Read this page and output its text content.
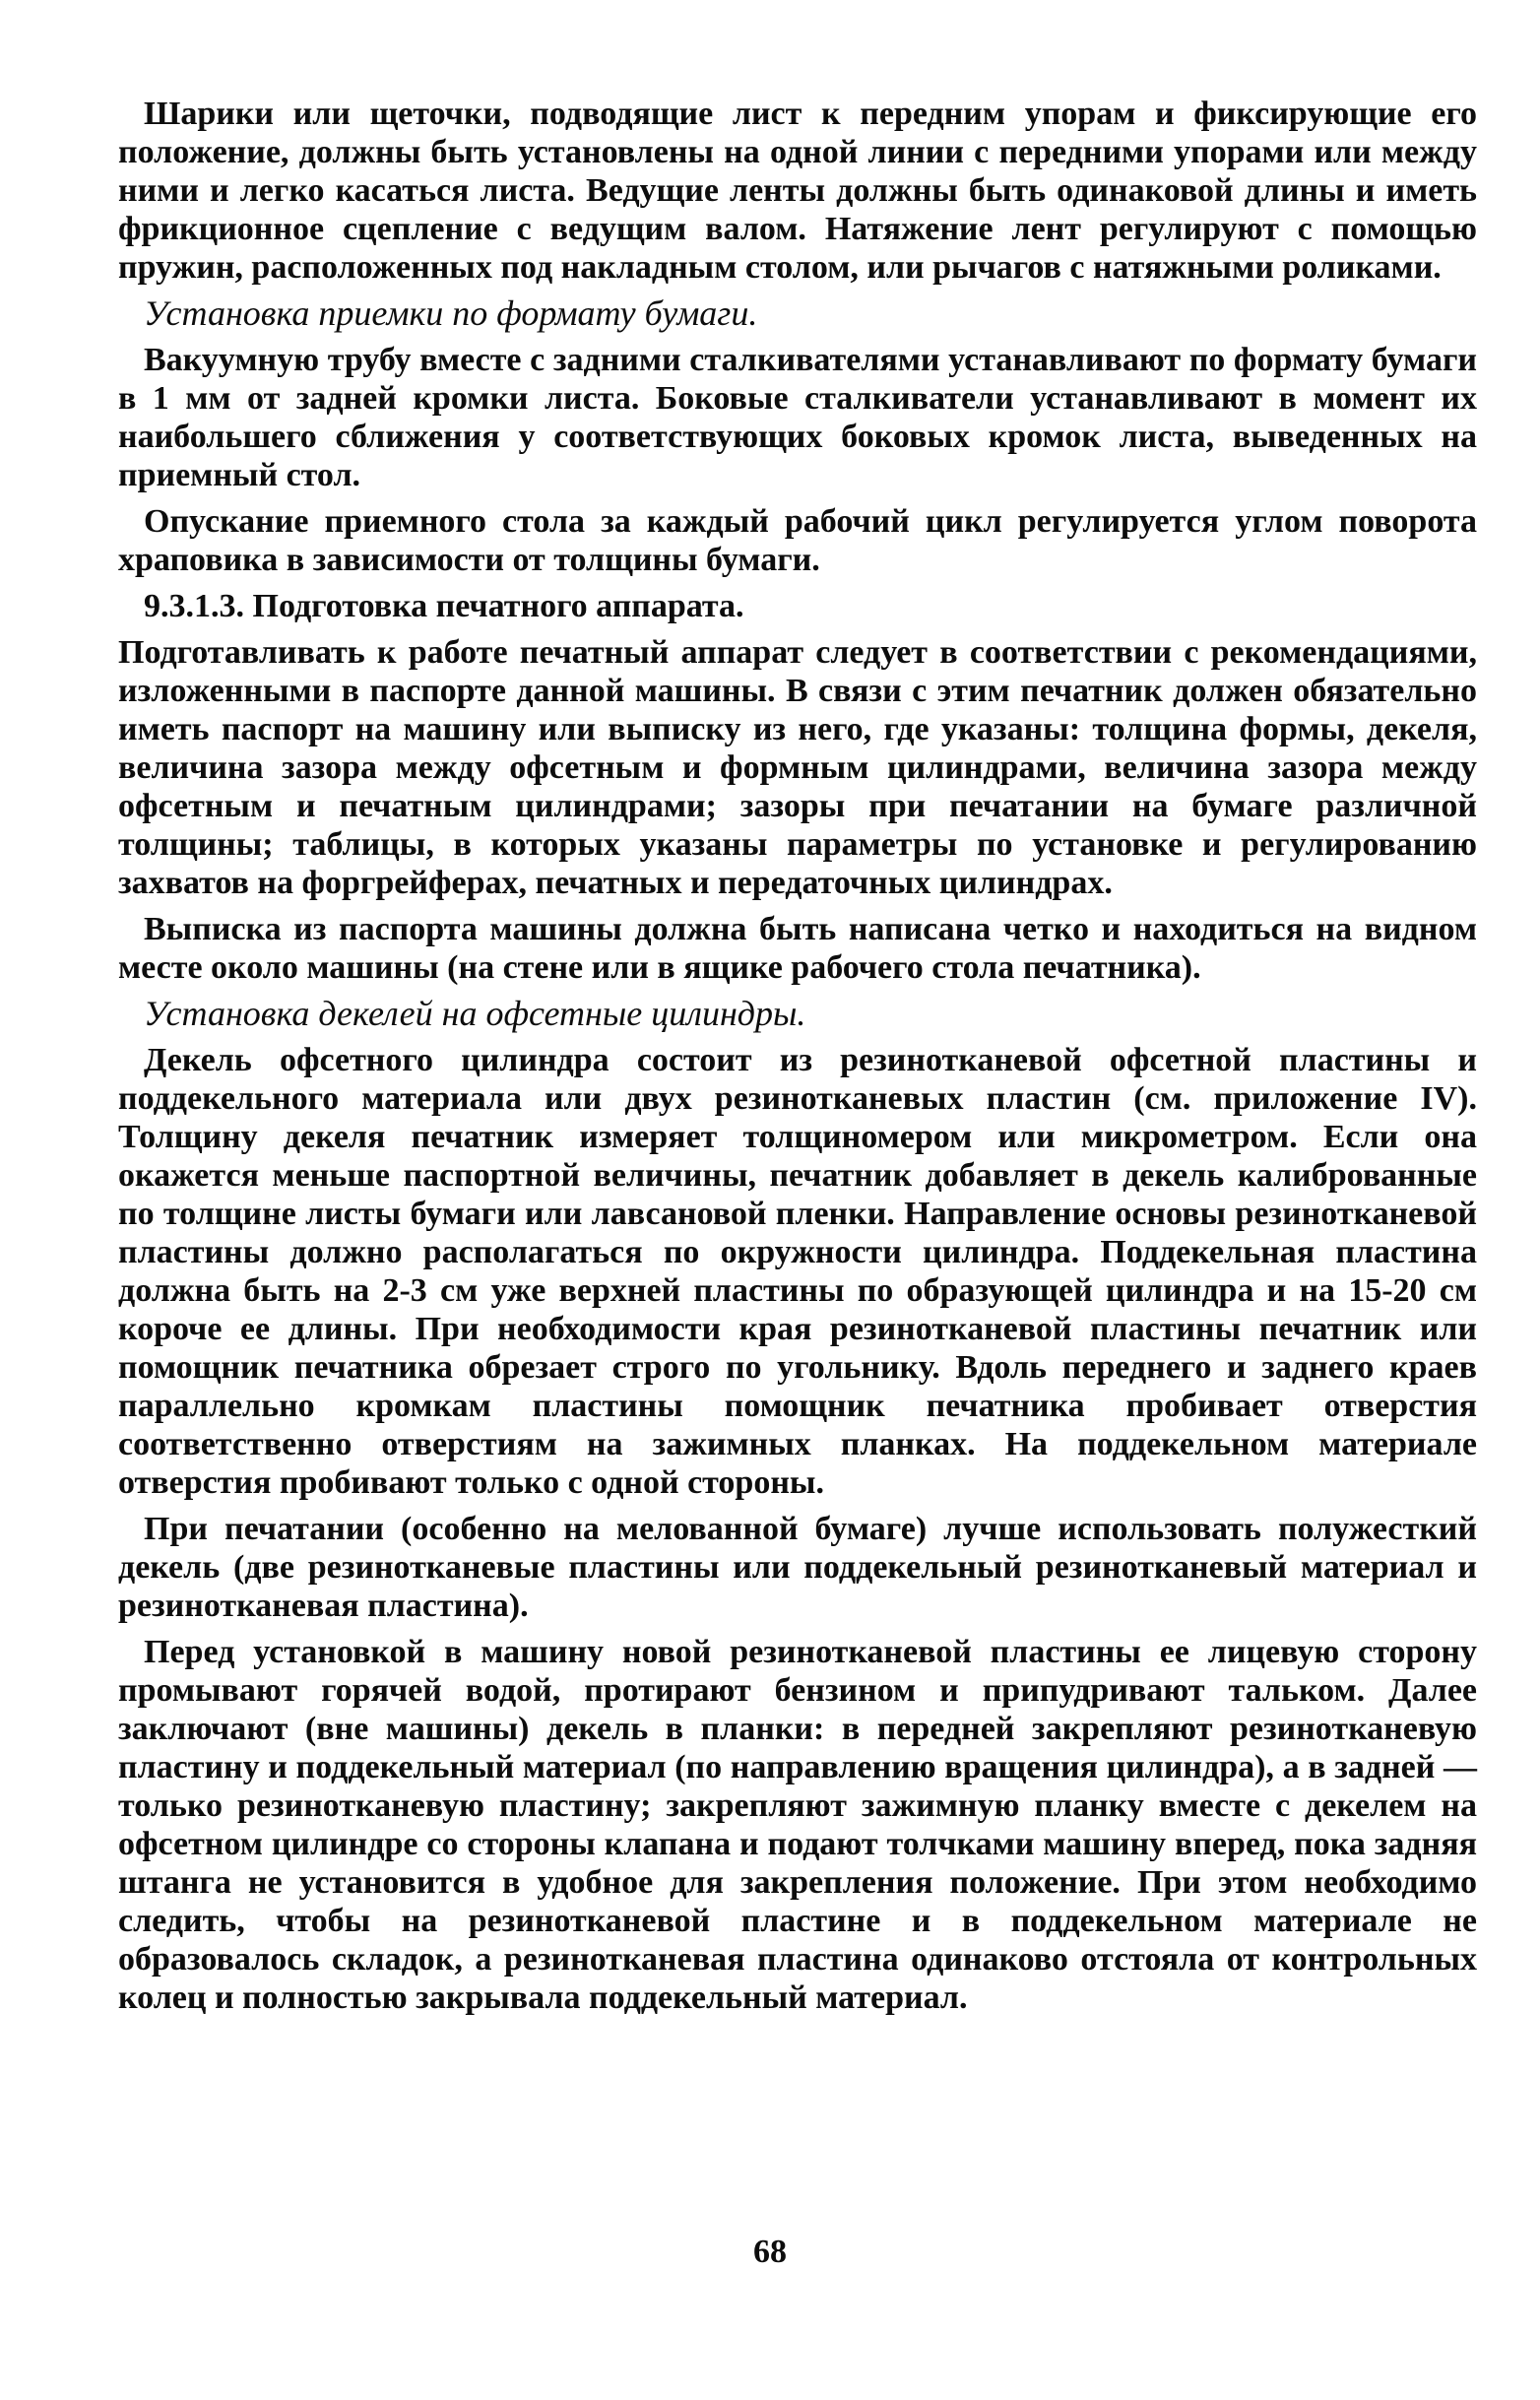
Шарики или щеточки, подводящие лист к передним упорам и фиксирующие его положение, должны быть установлены на одной линии с передними упорами или между ними и легко касаться листа. Ведущие ленты должны быть одинаковой длины и иметь фрикционное сцепление с ведущим валом. Натяжение лент регулируют с помощью пружин, расположенных под накладным столом, или рычагов с натяжными роликами.

Установка приемки по формату бумаги.

Вакуумную трубу вместе с задними сталкивателями устанавливают по формату бумаги в 1 мм от задней кромки листа. Боковые сталкиватели устанавливают в момент их наибольшего сближения у соответствующих боковых кромок листа, выведенных на приемный стол.

Опускание приемного стола за каждый рабочий цикл регулируется углом поворота храповика в зависимости от толщины бумаги.

9.3.1.3. Подготовка печатного аппарата.

Подготавливать к работе печатный аппарат следует в соответствии с рекомендациями, изложенными в паспорте данной машины. В связи с этим печатник должен обязательно иметь паспорт на машину или выписку из него, где указаны: толщина формы, декеля, величина зазора между офсетным и формным цилиндрами, величина зазора между офсетным и печатным цилиндрами; зазоры при печатании на бумаге различной толщины; таблицы, в которых указаны параметры по установке и регулированию захватов на форгрейферах, печатных и передаточных цилиндрах.

Выписка из паспорта машины должна быть написана четко и находиться на видном месте около машины (на стене или в ящике рабочего стола печатника).

Установка декелей на офсетные цилиндры.

Декель офсетного цилиндра состоит из резинотканевой офсетной пластины и поддекельного материала или двух резинотканевых пластин (см. приложение IV). Толщину декеля печатник измеряет толщиномером или микрометром. Если она окажется меньше паспортной величины, печатник добавляет в декель калиброванные по толщине листы бумаги или лавсановой пленки. Направление основы резинотканевой пластины должно располагаться по окружности цилиндра. Поддекельная пластина должна быть на 2-3 см уже верхней пластины по образующей цилиндра и на 15-20 см короче ее длины. При необходимости края резинотканевой пластины печатник или помощник печатника обрезает строго по угольнику. Вдоль переднего и заднего краев параллельно кромкам пластины помощник печатника пробивает отверстия соответственно отверстиям на зажимных планках. На поддекельном материале отверстия пробивают только с одной стороны.

При печатании (особенно на мелованной бумаге) лучше использовать полужесткий декель (две резинотканевые пластины или поддекельный резинотканевый материал и резинотканевая пластина).

Перед установкой в машину новой резинотканевой пластины ее лицевую сторону промывают горячей водой, протирают бензином и припудривают тальком. Далее заключают (вне машины) декель в планки: в передней закрепляют резинотканевую пластину и поддекельный материал (по направлению вращения цилиндра), а в задней — только резинотканевую пластину; закрепляют зажимную планку вместе с декелем на офсетном цилиндре со стороны клапана и подают толчками машину вперед, пока задняя штанга не установится в удобное для закрепления положение. При этом необходимо следить, чтобы на резинотканевой пластине и в поддекельном материале не образовалось складок, а резинотканевая пластина одинаково отстояла от контрольных колец и полностью закрывала поддекельный материал.

68
